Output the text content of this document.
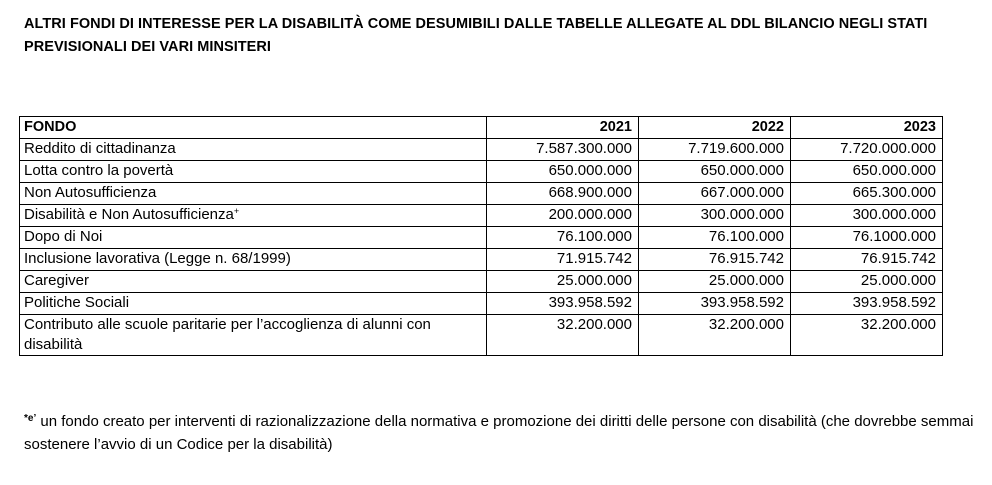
ALTRI FONDI DI INTERESSE PER LA DISABILITÀ COME DESUMIBILI DALLE TABELLE ALLEGATE AL DDL BILANCIO NEGLI STATI PREVISIONALI DEI VARI MINSITERI
FONDO	2021	2022	2023
Reddito di cittadinanza	7.587.300.000	7.719.600.000	7.720.000.000
Lotta contro la povertà	650.000.000	650.000.000	650.000.000
Non Autosufficienza	668.900.000	667.000.000	665.300.000
Disabilità e Non Autosufficienza+	200.000.000	300.000.000	300.000.000
Dopo di Noi	76.100.000	76.100.000	76.1000.000
Inclusione lavorativa (Legge n. 68/1999)	71.915.742	76.915.742	76.915.742
Caregiver	25.000.000	25.000.000	25.000.000
Politiche Sociali	393.958.592	393.958.592	393.958.592
Contributo alle scuole paritarie per l’accoglienza di alunni con disabilità	32.200.000	32.200.000	32.200.000
$^{*e’}$ un fondo creato per interventi di razionalizzazione della normativa e promozione dei diritti delle persone con disabilità (che dovrebbe semmai sostenere l’avvio di un Codice per la disabilità)
